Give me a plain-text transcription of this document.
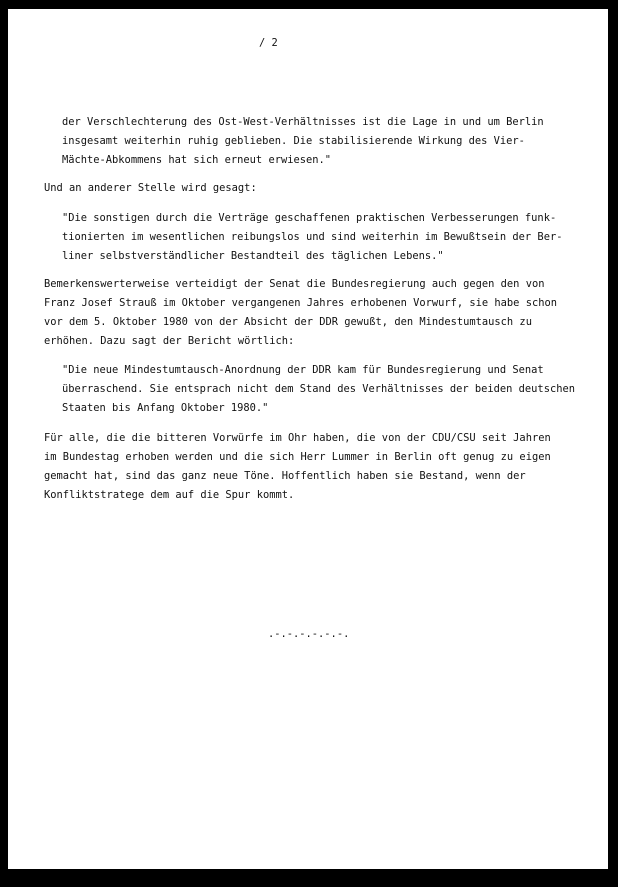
/ 2
der Verschlechterung des Ost-West-Verhältnisses ist die Lage in und um Berlin
insgesamt weiterhin ruhig geblieben. Die stabilisierende Wirkung des Vier-
Mächte-Abkommens hat sich erneut erwiesen."
Und an anderer Stelle wird gesagt:
"Die sonstigen durch die Verträge geschaffenen praktischen Verbesserungen funk-
tionierten im wesentlichen reibungslos und sind weiterhin im Bewußtsein der Ber-
liner selbstverständlicher Bestandteil des täglichen Lebens."
Bemerkenswerterweise verteidigt der Senat die Bundesregierung auch gegen den von
Franz Josef Strauß im Oktober vergangenen Jahres erhobenen Vorwurf, sie habe schon
vor dem 5. Oktober 1980 von der Absicht der DDR gewußt, den Mindestumtausch zu
erhöhen. Dazu sagt der Bericht wörtlich:
"Die neue Mindestumtausch-Anordnung der DDR kam für Bundesregierung und Senat
überraschend. Sie entsprach nicht dem Stand des Verhältnisses der beiden deutschen
Staaten bis Anfang Oktober 1980."
Für alle, die die bitteren Vorwürfe im Ohr haben, die von der CDU/CSU seit Jahren
im Bundestag erhoben werden und die sich Herr Lummer in Berlin oft genug zu eigen
gemacht hat, sind das ganz neue Töne. Hoffentlich haben sie Bestand, wenn der
Konfliktstratege dem auf die Spur kommt.
.-.-.-.-.-.-.
